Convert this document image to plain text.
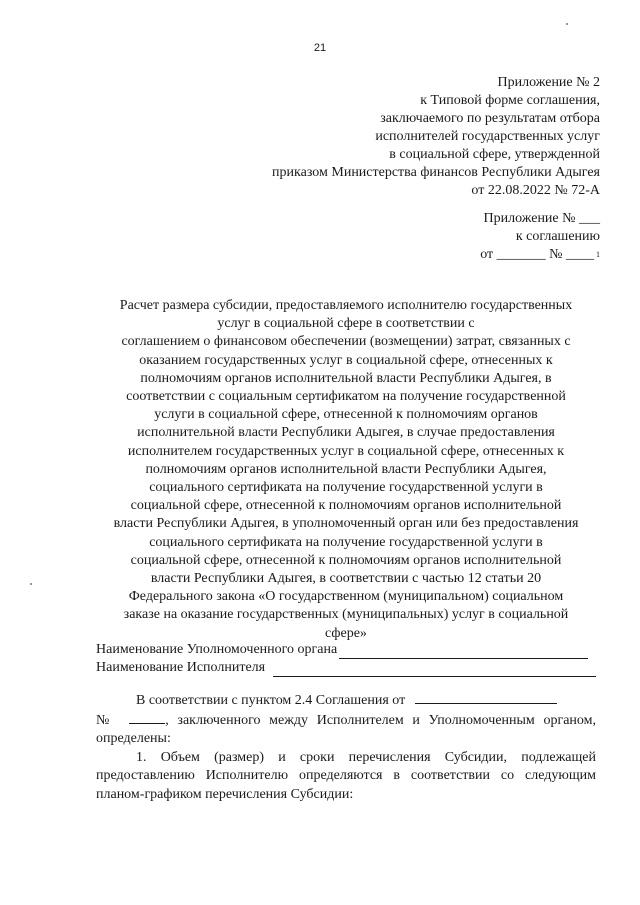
21
Приложение № 2
к Типовой форме соглашения,
заключаемого по результатам отбора
исполнителей государственных услуг
в социальной сфере, утвержденной
приказом Министерства финансов Республики Адыгея
от 22.08.2022 № 72-А
Приложение № ___
к соглашению
от _______ № ____ $^1$
Расчет размера субсидии, предоставляемого исполнителю государственных
услуг в социальной сфере в соответствии с
соглашением о финансовом обеспечении (возмещении) затрат, связанных с
оказанием государственных услуг в социальной сфере, отнесенных к
полномочиям органов исполнительной власти Республики Адыгея, в
соответствии с социальным сертификатом на получение государственной
услуги в социальной сфере, отнесенной к полномочиям органов
исполнительной власти Республики Адыгея, в случае предоставления
исполнителем государственных услуг в социальной сфере, отнесенных к
полномочиям органов исполнительной власти Республики Адыгея,
социального сертификата на получение государственной услуги в
социальной сфере, отнесенной к полномочиям органов исполнительной
власти Республики Адыгея, в уполномоченный орган или без предоставления
социального сертификата на получение государственной услуги в
социальной сфере, отнесенной к полномочиям органов исполнительной
власти Республики Адыгея, в соответствии с частью 12 статьи 20
Федерального закона «О государственном (муниципальном) социальном
заказе на оказание государственных (муниципальных) услуг в социальной
сфере»
Наименование Уполномоченного органа
Наименование Исполнителя
В соответствии с пунктом 2.4 Соглашения от
№	, заключенного между Исполнителем и Уполномоченным органом, определены:
1. Объем (размер) и сроки перечисления Субсидии, подлежащей предоставлению Исполнителю определяются в соответствии со следующим планом-графиком перечисления Субсидии:
